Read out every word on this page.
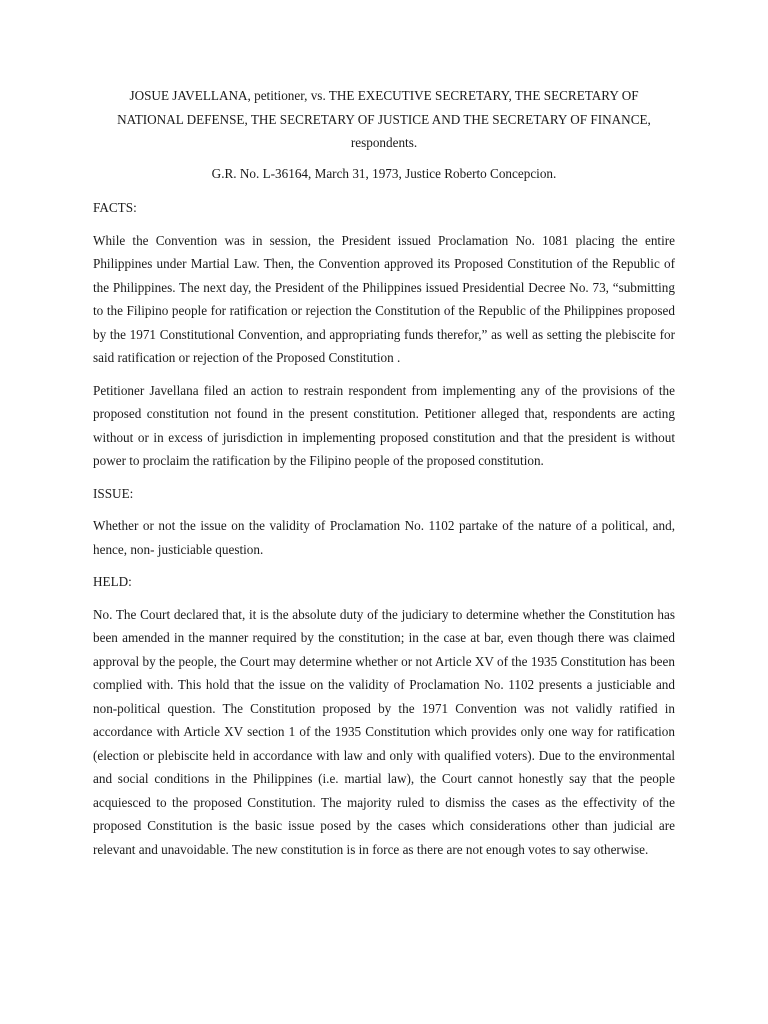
JOSUE JAVELLANA, petitioner, vs. THE EXECUTIVE SECRETARY, THE SECRETARY OF NATIONAL DEFENSE, THE SECRETARY OF JUSTICE AND THE SECRETARY OF FINANCE, respondents.

G.R. No. L-36164, March 31, 1973, Justice Roberto Concepcion.

FACTS:

While the Convention was in session, the President issued Proclamation No. 1081 placing the entire Philippines under Martial Law. Then, the Convention approved its Proposed Constitution of the Republic of the Philippines. The next day, the President of the Philippines issued Presidential Decree No. 73, “submitting to the Filipino people for ratification or rejection the Constitution of the Republic of the Philippines proposed by the 1971 Constitutional Convention, and appropriating funds therefor,” as well as setting the plebiscite for said ratification or rejection of the Proposed Constitution .

Petitioner Javellana filed an action to restrain respondent from implementing any of the provisions of the proposed constitution not found in the present constitution. Petitioner alleged that, respondents are acting without or in excess of jurisdiction in implementing proposed constitution and that the president is without power to proclaim the ratification by the Filipino people of the proposed constitution.

ISSUE:

Whether or not the issue on the validity of Proclamation No. 1102 partake of the nature of a political, and, hence, non- justiciable question.

HELD:

No. The Court declared that, it is the absolute duty of the judiciary to determine whether the Constitution has been amended in the manner required by the constitution; in the case at bar, even though there was claimed approval by the people, the Court may determine whether or not Article XV of the 1935 Constitution has been complied with. This hold that the issue on the validity of Proclamation No. 1102 presents a justiciable and non-political question. The Constitution proposed by the 1971 Convention was not validly ratified in accordance with Article XV section 1 of the 1935 Constitution which provides only one way for ratification (election or plebiscite held in accordance with law and only with qualified voters). Due to the environmental and social conditions in the Philippines (i.e. martial law), the Court cannot honestly say that the people acquiesced to the proposed Constitution. The majority ruled to dismiss the cases as the effectivity of the proposed Constitution is the basic issue posed by the cases which considerations other than judicial are relevant and unavoidable. The new constitution is in force as there are not enough votes to say otherwise.
